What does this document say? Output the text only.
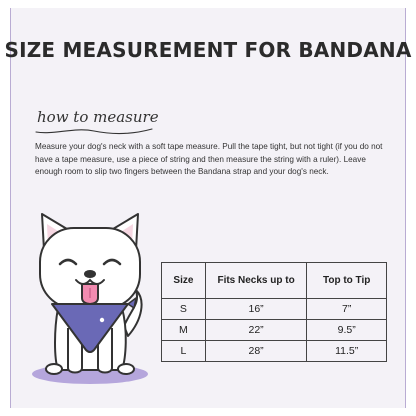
SIZE MEASUREMENT FOR BANDANA
how to measure

Measure your dog's neck with a soft tape measure. Pull the tape tight, but not tight (if you do not have a tape measure, use a piece of string and then measure the string with a ruler). Leave enough room to slip two fingers between the Bandana strap and your dog's neck.

Size	Fits Necks up to	Top to Tip
S	16”	7”
M	22”	9.5”
L	28”	11.5”
